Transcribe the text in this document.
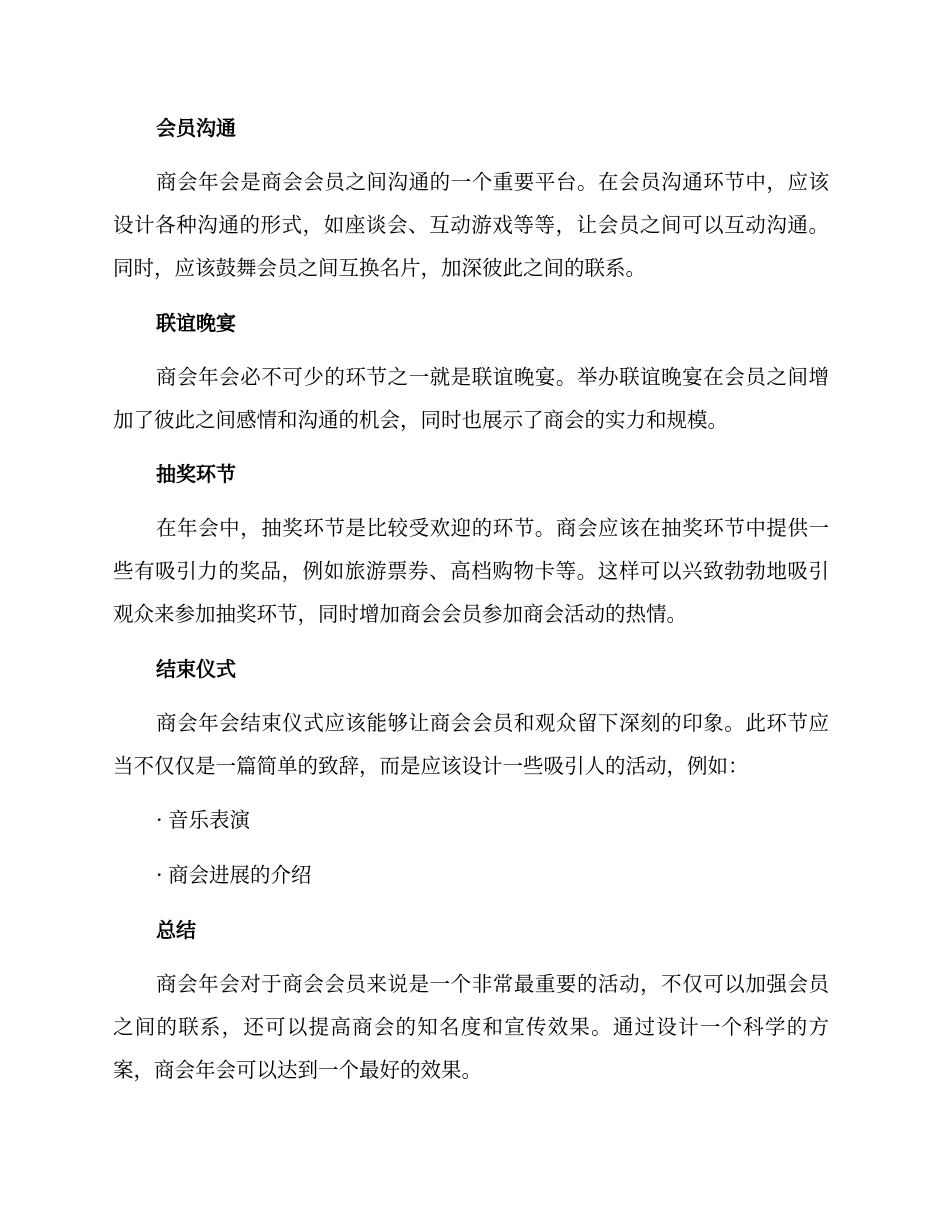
会员沟通

商会年会是商会会员之间沟通的一个重要平台。在会员沟通环节中，应该设计各种沟通的形式，如座谈会、互动游戏等等，让会员之间可以互动沟通。同时，应该鼓舞会员之间互换名片，加深彼此之间的联系。

联谊晚宴

商会年会必不可少的环节之一就是联谊晚宴。举办联谊晚宴在会员之间增加了彼此之间感情和沟通的机会，同时也展示了商会的实力和规模。

抽奖环节

在年会中，抽奖环节是比较受欢迎的环节。商会应该在抽奖环节中提供一些有吸引力的奖品，例如旅游票券、高档购物卡等。这样可以兴致勃勃地吸引观众来参加抽奖环节，同时增加商会会员参加商会活动的热情。

结束仪式

商会年会结束仪式应该能够让商会会员和观众留下深刻的印象。此环节应当不仅仅是一篇简单的致辞，而是应该设计一些吸引人的活动，例如：

· 音乐表演

· 商会进展的介绍

总结

商会年会对于商会会员来说是一个非常最重要的活动，不仅可以加强会员之间的联系，还可以提高商会的知名度和宣传效果。通过设计一个科学的方案，商会年会可以达到一个最好的效果。
